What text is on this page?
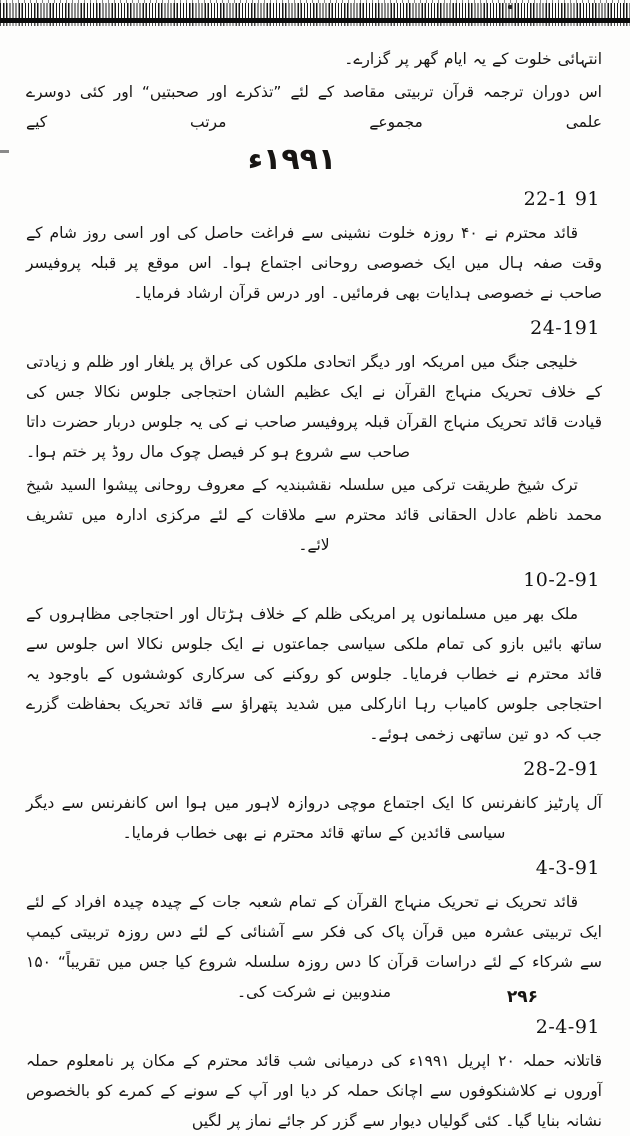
انتہائی خلوت کے یہ ایام گھر پر گزارے۔

اس دوران ترجمہ قرآن تربیتی مقاصد کے لئے ”تذکرے اور صحبتیں“ اور کئی دوسرے علمی مجموعے مرتب کیے

۱۹۹۱ء
22-1 91

قائد محترم نے ۴۰ روزہ خلوت نشینی سے فراغت حاصل کی اور اسی روز شام کے وقت صفہ ہال میں ایک خصوصی روحانی اجتماع ہوا۔ اس موقع پر قبلہ پروفیسر صاحب نے خصوصی ہدایات بھی فرمائیں۔ اور درس قرآن ارشاد فرمایا۔

24-191

خلیجی جنگ میں امریکہ اور دیگر اتحادی ملکوں کی عراق پر یلغار اور ظلم و زیادتی کے خلاف تحریک منہاج القرآن نے ایک عظیم الشان احتجاجی جلوس نکالا جس کی قیادت قائد تحریک منہاج القرآن قبلہ پروفیسر صاحب نے کی یہ جلوس دربار حضرت داتا صاحب سے شروع ہو کر فیصل چوک مال روڈ پر ختم ہوا۔

ترک شیخ طریقت ترکی میں سلسلہ نقشبندیہ کے معروف روحانی پیشوا السید شیخ محمد ناظم عادل الحقانی قائد محترم سے ملاقات کے لئے مرکزی ادارہ میں تشریف لائے۔

10-2-91

ملک بھر میں مسلمانوں پر امریکی ظلم کے خلاف ہڑتال اور احتجاجی مظاہروں کے ساتھ بائیں بازو کی تمام ملکی سیاسی جماعتوں نے ایک جلوس نکالا اس جلوس سے قائد محترم نے خطاب فرمایا۔ جلوس کو روکنے کی سرکاری کوششوں کے باوجود یہ احتجاجی جلوس کامیاب رہا انارکلی میں شدید پتھراؤ سے قائد تحریک بحفاظت گزرے جب کہ دو تین ساتھی زخمی ہوئے۔

28-2-91

آل پارٹیز کانفرنس کا ایک اجتماع موچی دروازہ لاہور میں ہوا اس کانفرنس سے دیگر سیاسی قائدین کے ساتھ قائد محترم نے بھی خطاب فرمایا۔

4-3-91

قائد تحریک نے تحریک منہاج القرآن کے تمام شعبہ جات کے چیدہ چیدہ افراد کے لئے ایک تربیتی عشرہ میں قرآن پاک کی فکر سے آشنائی کے لئے دس روزہ تربیتی کیمپ سے شرکاء کے لئے دراسات قرآن کا دس روزہ سلسلہ شروع کیا جس میں تقریباً“ ۱۵۰ مندوبین نے شرکت کی۔

2-4-91

قاتلانہ حملہ ۲۰ اپریل ۱۹۹۱ء کی درمیانی شب قائد محترم کے مکان پر نامعلوم حملہ آوروں نے کلاشنکوفوں سے اچانک حملہ کر دیا اور آپ کے سونے کے کمرے کو بالخصوص نشانہ بنایا گیا۔ کئی گولیاں دیوار سے گزر کر جائے نماز پر لگیں

۲۹۶
